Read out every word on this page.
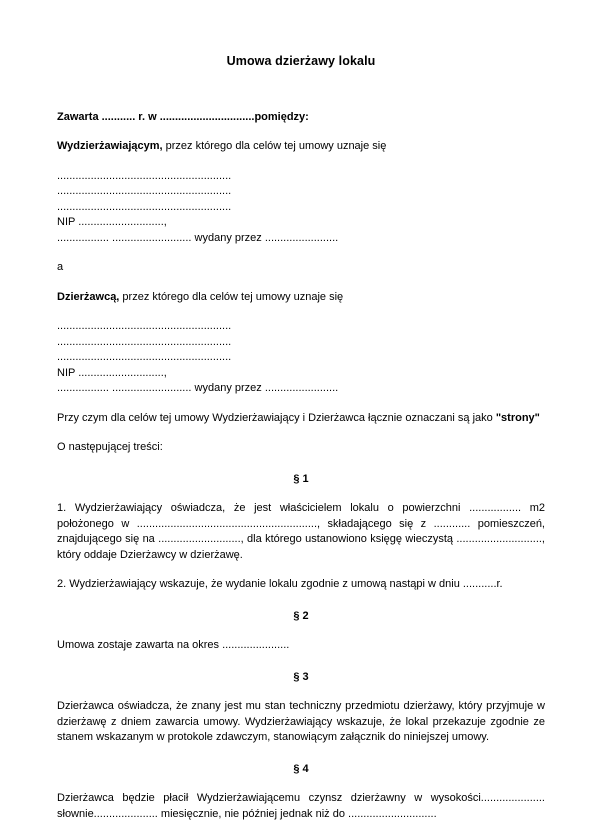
Umowa dzierżawy lokalu

Zawarta ........... r. w ...............................pomiędzy:

Wydzierżawiającym, przez którego dla celów tej umowy uznaje się

.........................................................

.........................................................

.........................................................

NIP ............................,

................. .......................... wydany przez ........................

a

Dzierżawcą, przez którego dla celów tej umowy uznaje się

.........................................................

.........................................................

.........................................................

NIP ............................,

................. .......................... wydany przez ........................

Przy czym dla celów tej umowy Wydzierżawiający i Dzierżawca łącznie oznaczani są jako "strony"

O następującej treści:

§ 1

1. Wydzierżawiający oświadcza, że jest właścicielem lokalu o powierzchni ................. m2 położonego w ..........................................................., składającego się z ............ pomieszczeń, znajdującego się na ..........................., dla którego ustanowiono księgę wieczystą ............................, który oddaje Dzierżawcy w dzierżawę.

2. Wydzierżawiający wskazuje, że wydanie lokalu zgodnie z umową nastąpi w dniu ...........r.

§ 2

Umowa zostaje zawarta na okres ......................

§ 3

Dzierżawca oświadcza, że znany jest mu stan techniczny przedmiotu dzierżawy, który przyjmuje w dzierżawę z dniem zawarcia umowy. Wydzierżawiający wskazuje, że lokal przekazuje zgodnie ze stanem wskazanym w protokole zdawczym, stanowiącym załącznik do niniejszej umowy.

§ 4

Dzierżawca będzie płacił Wydzierżawiającemu czynsz dzierżawny w wysokości..................... słownie..................... miesięcznie, nie później jednak niż do .............................
